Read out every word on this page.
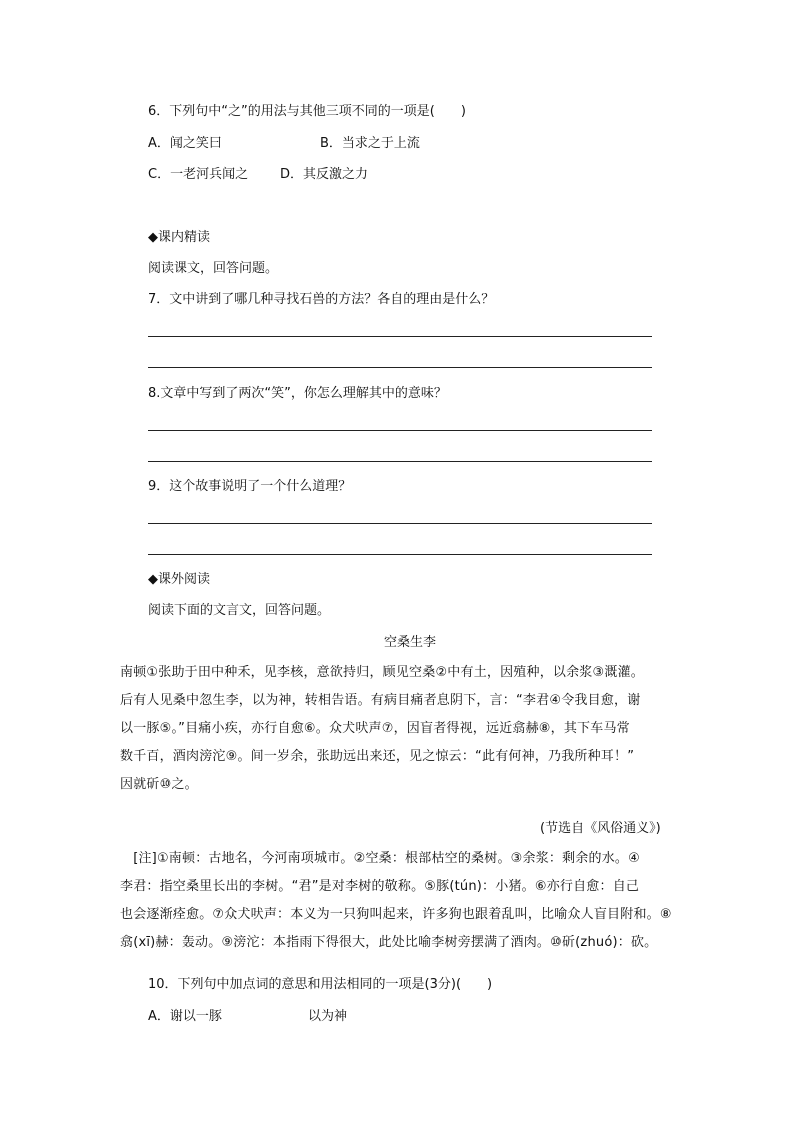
6．下列句中“之”的用法与其他三项不同的一项是(　　)
A．闻之笑曰	B．当求之于上流
C．一老河兵闻之 D．其反激之力
◆课内精读
阅读课文，回答问题。
7．文中讲到了哪几种寻找石兽的方法？各自的理由是什么？
8.文章中写到了两次“笑”，你怎么理解其中的意味？
9．这个故事说明了一个什么道理？
◆课外阅读
阅读下面的文言文，回答问题。
空桑生李
南顿①张助于田中种禾，见李核，意欲持归，顾见空桑②中有土，因殖种，以余浆③溉灌。
后有人见桑中忽生李，以为神，转相告语。有病目痛者息阴下，言：“李君④令我目愈，谢
以一豚⑤。”目痛小疾，亦行自愈⑥。众犬吠声⑦，因盲者得视，远近翕赫⑧，其下车马常
数千百，酒肉滂沱⑨。间一岁余，张助远出来还，见之惊云：“此有何神，乃我所种耳！”
因就斫⑩之。
(节选自《风俗通义》)
　[注]①南顿：古地名，今河南项城市。②空桑：根部枯空的桑树。③余浆：剩余的水。④
李君：指空桑里长出的李树。“君”是对李树的敬称。⑤豚(tún)：小猪。⑥亦行自愈：自己
也会逐渐痊愈。⑦众犬吠声：本义为一只狗叫起来，许多狗也跟着乱叫，比喻众人盲目附和。⑧
翕(xī)赫：轰动。⑨滂沱：本指雨下得很大，此处比喻李树旁摆满了酒肉。⑩斫(zhuó)：砍。
10．下列句中加点词的意思和用法相同的一项是(3分)(　　)
A．谢以一豚	以为神
